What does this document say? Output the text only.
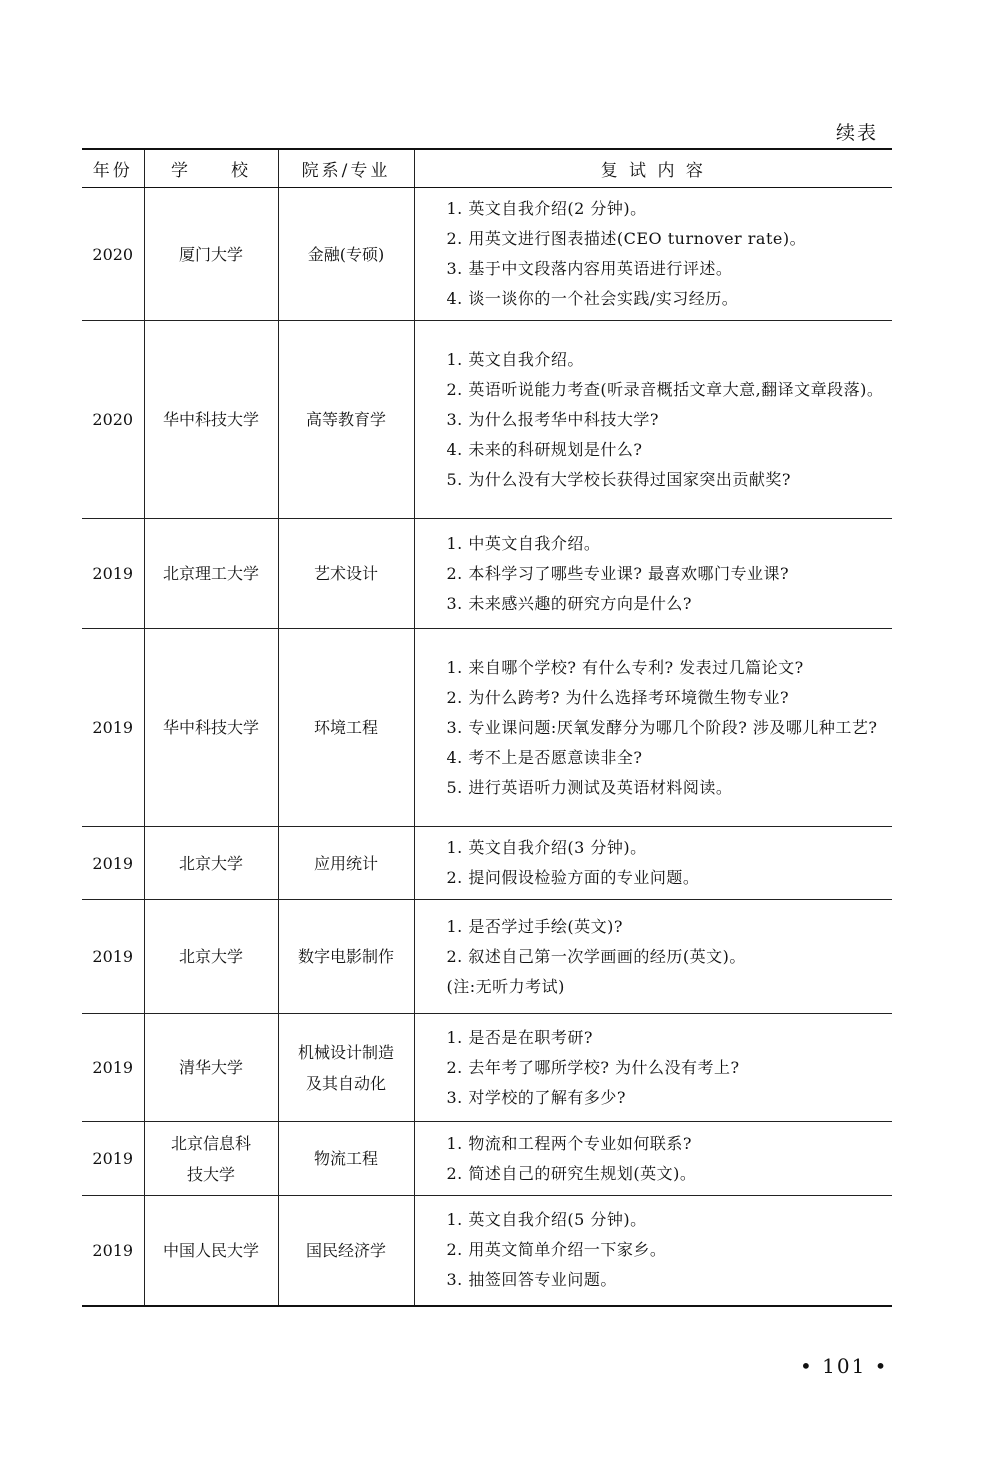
续表
年份	学　　校	院系/专业	复 试 内 容
2020	厦门大学	金融(专硕)	1. 英文自我介绍(2 分钟)。

2. 用英文进行图表描述(CEO turnover rate)。

3. 基于中文段落内容用英语进行评述。

4. 谈一谈你的一个社会实践/实习经历。

2020	华中科技大学	高等教育学	1. 英文自我介绍。

2. 英语听说能力考查(听录音概括文章大意,翻译文章段落)。

3. 为什么报考华中科技大学?

4. 未来的科研规划是什么?

5. 为什么没有大学校长获得过国家突出贡献奖?

2019	北京理工大学	艺术设计	1. 中英文自我介绍。

2. 本科学习了哪些专业课? 最喜欢哪门专业课?

3. 未来感兴趣的研究方向是什么?

2019	华中科技大学	环境工程	1. 来自哪个学校? 有什么专利? 发表过几篇论文?

2. 为什么跨考? 为什么选择考环境微生物专业?

3. 专业课问题:厌氧发酵分为哪几个阶段? 涉及哪儿种工艺?

4. 考不上是否愿意读非全?

5. 进行英语听力测试及英语材料阅读。

2019	北京大学	应用统计	1. 英文自我介绍(3 分钟)。

2. 提问假设检验方面的专业问题。

2019	北京大学	数字电影制作	1. 是否学过手绘(英文)?

2. 叙述自己第一次学画画的经历(英文)。

(注:无听力考试)

2019	清华大学	机械设计制造及其自动化	1. 是否是在职考研?

2. 去年考了哪所学校? 为什么没有考上?

3. 对学校的了解有多少?

2019	北京信息科技大学	物流工程	1. 物流和工程两个专业如何联系?

2. 简述自己的研究生规划(英文)。

2019	中国人民大学	国民经济学	1. 英文自我介绍(5 分钟)。

2. 用英文简单介绍一下家乡。

3. 抽签回答专业问题。

• 101 •
